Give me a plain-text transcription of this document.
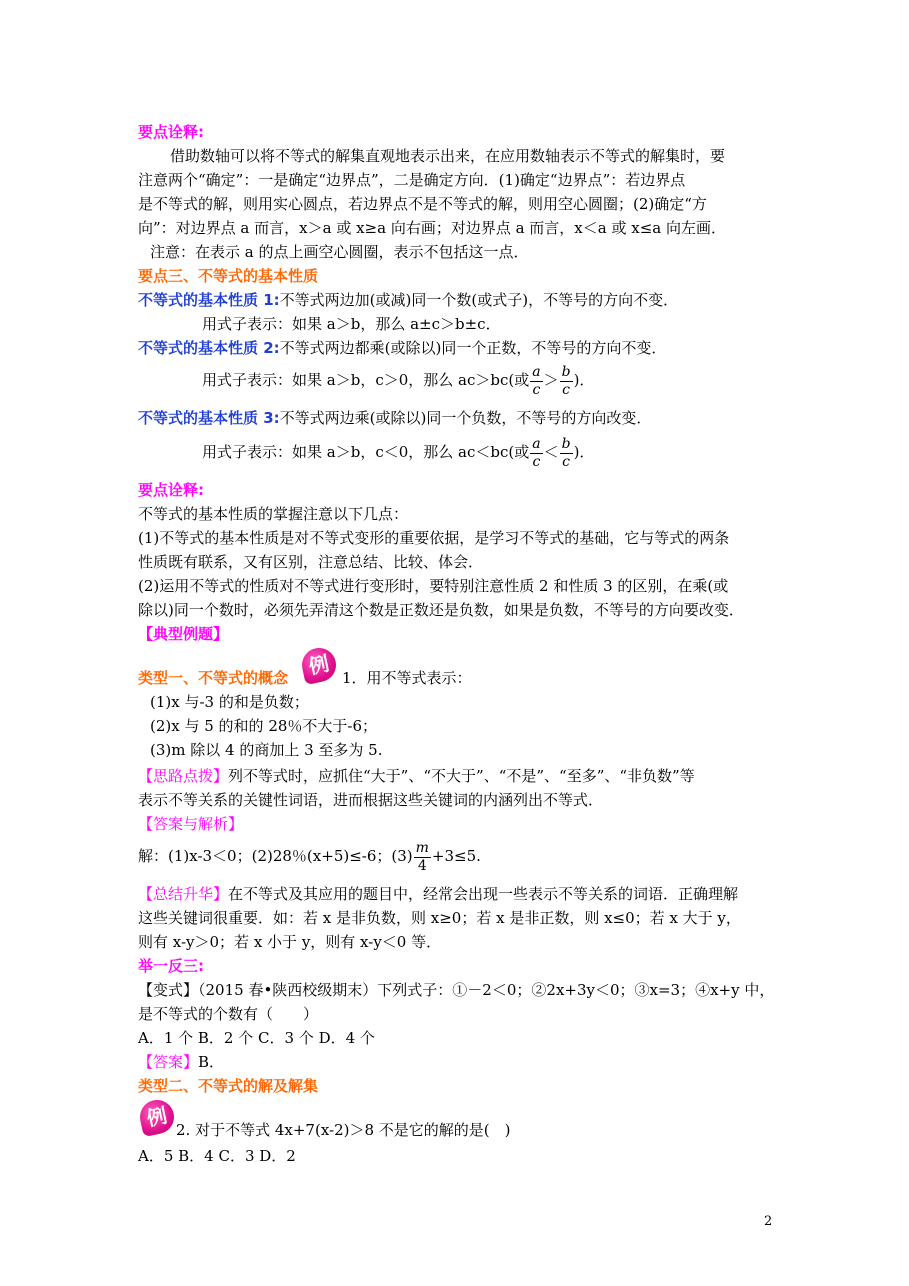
要点诠释:
借助数轴可以将不等式的解集直观地表示出来，在应用数轴表示不等式的解集时，要
注意两个“确定”：一是确定“边界点”，二是确定方向．(1)确定“边界点”：若边界点
是不等式的解，则用实心圆点，若边界点不是不等式的解，则用空心圆圈；(2)确定“方
向”：对边界点 a 而言，x＞a 或 x≥a 向右画；对边界点 a 而言，x＜a 或 x≤a 向左画．
注意：在表示 a 的点上画空心圆圈，表示不包括这一点．
要点三、不等式的基本性质
不等式的基本性质 1:不等式两边加(或减)同一个数(或式子)，不等号的方向不变．
用式子表示：如果 a＞b，那么 a±c＞b±c．
不等式的基本性质 2:不等式两边都乘(或除以)同一个正数，不等号的方向不变．
用式子表示：如果 a＞b，c＞0，那么 ac＞bc(或 $\frac{a}{c} > \frac{b}{c}$ )．
不等式的基本性质 3:不等式两边乘(或除以)同一个负数，不等号的方向改变．
用式子表示：如果 a＞b，c＜0，那么 ac＜bc(或 $\frac{a}{c} < \frac{b}{c}$ )．
要点诠释:
不等式的基本性质的掌握注意以下几点：
(1)不等式的基本性质是对不等式变形的重要依据，是学习不等式的基础，它与等式的两条
性质既有联系，又有区别，注意总结、比较、体会．
(2)运用不等式的性质对不等式进行变形时，要特别注意性质 2 和性质 3 的区别，在乘(或
除以)同一个数时，必须先弄清这个数是正数还是负数，如果是负数，不等号的方向要改变．
【典型例题】
类型一、不等式的概念 例 1．用不等式表示：
(1)x 与-3 的和是负数；
(2)x 与 5 的和的 28％不大于-6；
(3)m 除以 4 的商加上 3 至多为 5.
【思路点拨】列不等式时，应抓住“大于”、“不大于”、“不是”、“至多”、“非负数”等
表示不等关系的关键性词语，进而根据这些关键词的内涵列出不等式．
【答案与解析】
解：(1)x-3＜0；(2)28％(x+5)≤-6；$(3) \frac{m}{4} +3\le 5$.
【总结升华】在不等式及其应用的题目中，经常会出现一些表示不等关系的词语．正确理解
这些关键词很重要．如：若 x 是非负数，则 x≥0；若 x 是非正数，则 x≤0；若 x 大于 y，
则有 x-y＞0；若 x 小于 y，则有 x-y＜0 等．
举一反三:
【变式】（2015 春•陕西校级期末）下列式子：①－2＜0；②2x+3y＜0；③x=3；④x+y 中，
是不等式的个数有（　　）
A．1 个 B．2 个 C．3 个 D．4 个
【答案】B．
类型二、不等式的解及解集
例 2. 对于不等式 4x+7(x-2)＞8 不是它的解的是(　)
A．5 B．4 C．3 D．2
2
